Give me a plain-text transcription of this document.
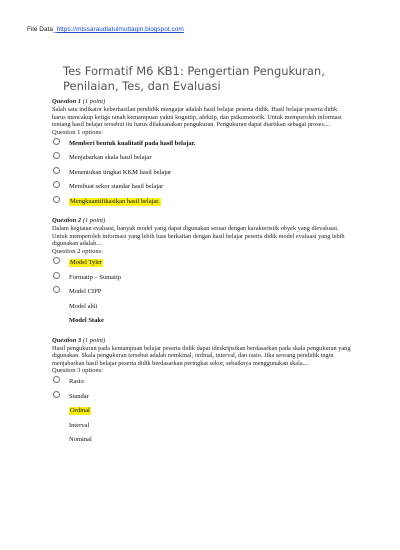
File Data_https://mtssaraudlatulmuttaqin.blogspot.com
Tes Formatif M6 KB1: Pengertian Pengukuran, Penilaian, Tes, dan Evaluasi
Question 1 (1 point)
Salah satu indikator keberhasilan pendidik mengajar adalah hasil belajar peserta didik. Hasil belajar peserta didik harus mencakup ketiga ranah kemampuan yakni kognitip, afektip, dan psikomotorik. Untuk memperoleh informasi tentang hasil belajar tersebut itu harus dilaksanakan pengukuran. Pengukuran dapat diartikan sebagai proses....
Question 1 options:
Memberi bentuk kualitatif pada hasil belajar.
Menjabarkan skala hasil belajar
Menentukan tingkat KKM hasil belajar
Membuat sekor standar hasil belajar
Mengkuantifikasikan hasil belajar.
Question 2 (1 point)
Dalam kegiatan evaluasi, banyak model yang dapat digunakan sesuai dengan karakteristik obyek yang dievaluasi. Untuk memperoleh informasi yang lebih luas berkaitan dengan hasil belajar peserta didik model evaluasi yang lebih digunakan adalah....
Question 2 options:
Model Tyler
Formatip – Sumatip
Model CIPP
Model ahli
Model Stake
Question 3 (1 point)
Hasil pengukuran pada kemampuan belajar peserta didik dapat ideskripsikan berdasarkan pada skala pengukuran yang digunakan. Skala pengukuran tersebut adalah nomkinal, ordinal, interval, dan rasio. Jika seorang pendidik ingin menjabarkan hasil belajar peserta didik berdasarkan peringkat sekor, sebaiknya menggunakan skala....
Question 3 options:
Rasio
Standar
Ordinal
Interval
Nominal
